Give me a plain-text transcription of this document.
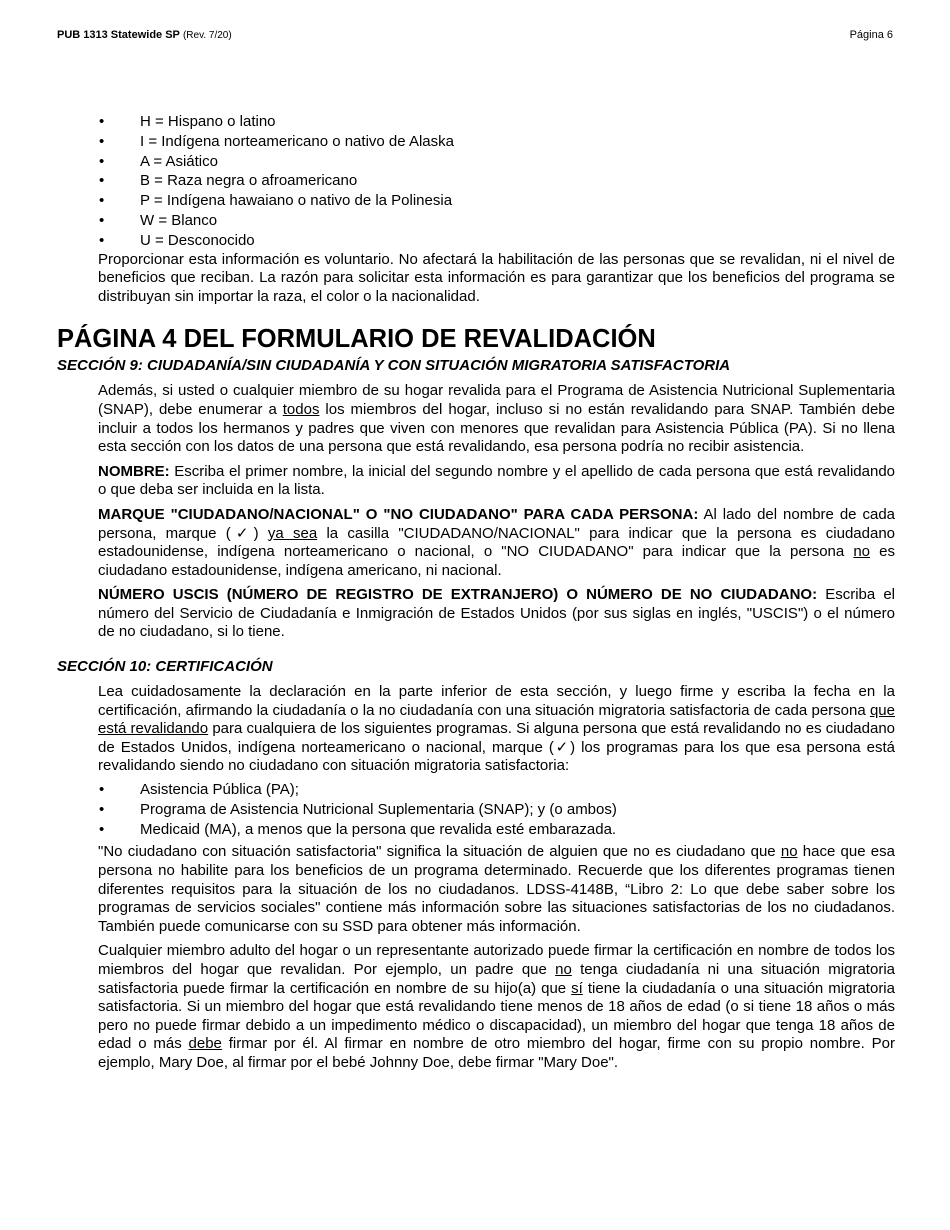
PUB 1313 Statewide SP (Rev. 7/20)	Página 6
• H = Hispano o latino
• I = Indígena norteamericano o nativo de Alaska
• A = Asiático
• B = Raza negra o afroamericano
• P = Indígena hawaiano o nativo de la Polinesia
• W = Blanco
• U = Desconocido

Proporcionar esta información es voluntario. No afectará la habilitación de las personas que se revalidan, ni el nivel de beneficios que reciban. La razón para solicitar esta información es para garantizar que los beneficios del programa se distribuyan sin importar la raza, el color o la nacionalidad.

PÁGINA 4 DEL FORMULARIO DE REVALIDACIÓN
SECCIÓN 9: CIUDADANÍA/SIN CIUDADANÍA Y CON SITUACIÓN MIGRATORIA SATISFACTORIA

Además, si usted o cualquier miembro de su hogar revalida para el Programa de Asistencia Nutricional Suplementaria (SNAP), debe enumerar a todos los miembros del hogar, incluso si no están revalidando para SNAP. También debe incluir a todos los hermanos y padres que viven con menores que revalidan para Asistencia Pública (PA). Si no llena esta sección con los datos de una persona que está revalidando, esa persona podría no recibir asistencia.

NOMBRE: Escriba el primer nombre, la inicial del segundo nombre y el apellido de cada persona que está revalidando o que deba ser incluida en la lista.

MARQUE "CIUDADANO/NACIONAL" O "NO CIUDADANO" PARA CADA PERSONA: Al lado del nombre de cada persona, marque (✓) ya sea la casilla "CIUDADANO/NACIONAL" para indicar que la persona es ciudadano estadounidense, indígena norteamericano o nacional, o "NO CIUDADANO" para indicar que la persona no es ciudadano estadounidense, indígena americano, ni nacional.

NÚMERO USCIS (NÚMERO DE REGISTRO DE EXTRANJERO) O NÚMERO DE NO CIUDADANO: Escriba el número del Servicio de Ciudadanía e Inmigración de Estados Unidos (por sus siglas en inglés, "USCIS") o el número de no ciudadano, si lo tiene.

SECCIÓN 10: CERTIFICACIÓN

Lea cuidadosamente la declaración en la parte inferior de esta sección, y luego firme y escriba la fecha en la certificación, afirmando la ciudadanía o la no ciudadanía con una situación migratoria satisfactoria de cada persona que está revalidando para cualquiera de los siguientes programas. Si alguna persona que está revalidando no es ciudadano de Estados Unidos, indígena norteamericano o nacional, marque (✓) los programas para los que esa persona está revalidando siendo no ciudadano con situación migratoria satisfactoria:

• Asistencia Pública (PA);
• Programa de Asistencia Nutricional Suplementaria (SNAP); y (o ambos)
• Medicaid (MA), a menos que la persona que revalida esté embarazada.

"No ciudadano con situación satisfactoria" significa la situación de alguien que no es ciudadano que no hace que esa persona no habilite para los beneficios de un programa determinado. Recuerde que los diferentes programas tienen diferentes requisitos para la situación de los no ciudadanos. LDSS-4148B, “Libro 2: Lo que debe saber sobre los programas de servicios sociales" contiene más información sobre las situaciones satisfactorias de los no ciudadanos. También puede comunicarse con su SSD para obtener más información.

Cualquier miembro adulto del hogar o un representante autorizado puede firmar la certificación en nombre de todos los miembros del hogar que revalidan. Por ejemplo, un padre que no tenga ciudadanía ni una situación migratoria satisfactoria puede firmar la certificación en nombre de su hijo(a) que sí tiene la ciudadanía o una situación migratoria satisfactoria. Si un miembro del hogar que está revalidando tiene menos de 18 años de edad (o si tiene 18 años o más pero no puede firmar debido a un impedimento médico o discapacidad), un miembro del hogar que tenga 18 años de edad o más debe firmar por él. Al firmar en nombre de otro miembro del hogar, firme con su propio nombre. Por ejemplo, Mary Doe, al firmar por el bebé Johnny Doe, debe firmar "Mary Doe".
